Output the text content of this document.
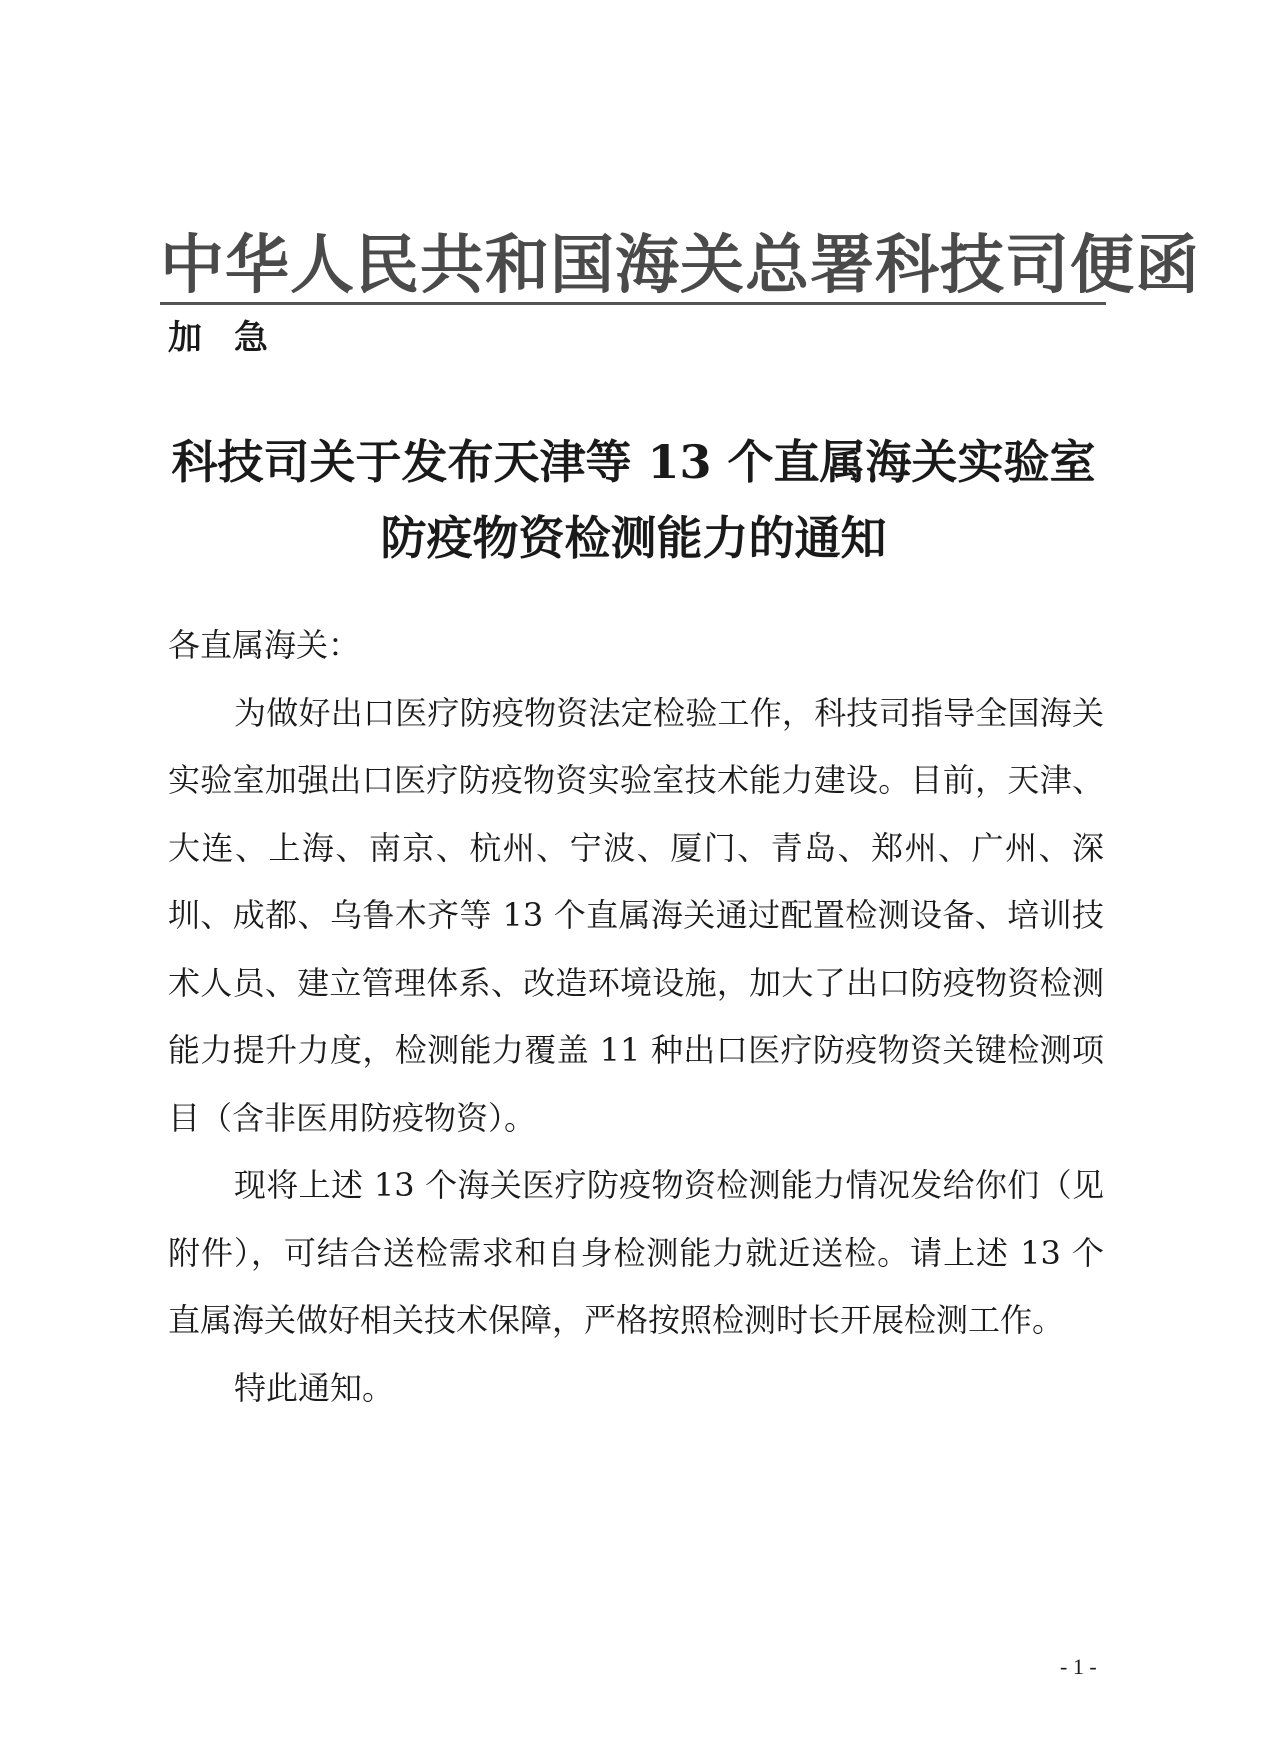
中华人民共和国海关总署科技司便函
加急
科技司关于发布天津等 13 个直属海关实验室
防疫物资检测能力的通知
各直属海关：

为做好出口医疗防疫物资法定检验工作，科技司指导全国海关实验室加强出口医疗防疫物资实验室技术能力建设。目前，天津、大连、上海、南京、杭州、宁波、厦门、青岛、郑州、广州、深圳、成都、乌鲁木齐等 13 个直属海关通过配置检测设备、培训技术人员、建立管理体系、改造环境设施，加大了出口防疫物资检测能力提升力度，检测能力覆盖 11 种出口医疗防疫物资关键检测项目（含非医用防疫物资）。

现将上述 13 个海关医疗防疫物资检测能力情况发给你们（见附件），可结合送检需求和自身检测能力就近送检。请上述 13 个直属海关做好相关技术保障，严格按照检测时长开展检测工作。

特此通知。
- 1 -
